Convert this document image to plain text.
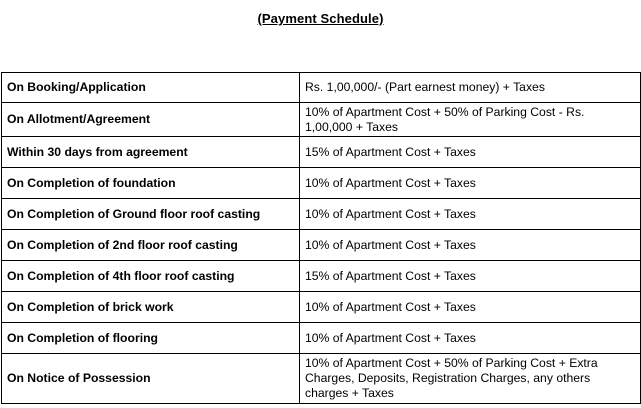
(Payment Schedule)
On Booking/Application	Rs. 1,00,000/- (Part earnest money) + Taxes
On Allotment/Agreement	10% of Apartment Cost + 50% of Parking Cost - Rs. 1,00,000 + Taxes
Within 30 days from agreement	15% of Apartment Cost + Taxes
On Completion of foundation	10% of Apartment Cost + Taxes
On Completion of Ground floor roof casting	10% of Apartment Cost + Taxes
On Completion of 2nd floor roof casting	10% of Apartment Cost + Taxes
On Completion of 4th floor roof casting	15% of Apartment Cost + Taxes
On Completion of brick work	10% of Apartment Cost + Taxes
On Completion of flooring	10% of Apartment Cost + Taxes
On Notice of Possession	10% of Apartment Cost + 50% of Parking Cost + Extra Charges, Deposits, Registration Charges, any others charges + Taxes
